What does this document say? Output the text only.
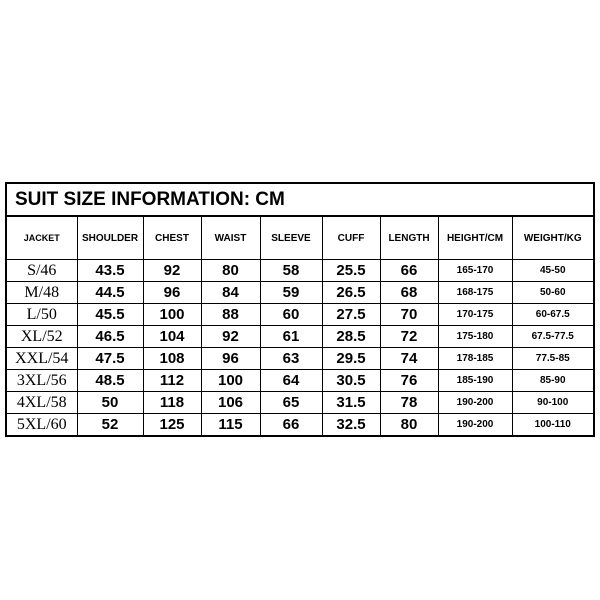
SUIT SIZE INFORMATION: CM								
JACKET	SHOULDER	CHEST	WAIST	SLEEVE	CUFF	LENGTH	HEIGHT/CM	WEIGHT/KG
S/46	43.5	92	80	58	25.5	66	165-170	45-50
M/48	44.5	96	84	59	26.5	68	168-175	50-60
L/50	45.5	100	88	60	27.5	70	170-175	60-67.5
XL/52	46.5	104	92	61	28.5	72	175-180	67.5-77.5
XXL/54	47.5	108	96	63	29.5	74	178-185	77.5-85
3XL/56	48.5	112	100	64	30.5	76	185-190	85-90
4XL/58	50	118	106	65	31.5	78	190-200	90-100
5XL/60	52	125	115	66	32.5	80	190-200	100-110
